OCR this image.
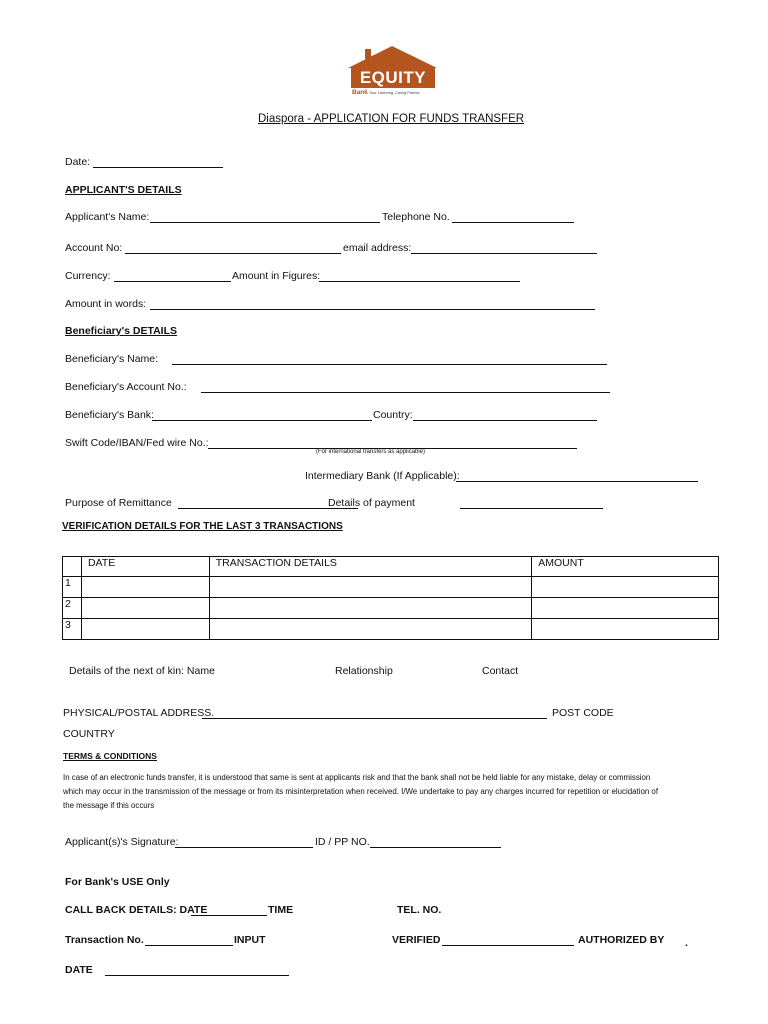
EQUITY
Bank Your Listening, Caring Partner
Diaspora - APPLICATION FOR FUNDS TRANSFER
Date:
APPLICANT'S DETAILS
Applicant's Name:	Telephone No.
Account No:	email address:
Currency:	Amount in Figures:
Amount in words:
Beneficiary's DETAILS
Beneficiary's Name:
Beneficiary's Account No.:
Beneficiary's Bank:	Country:
Swift Code/IBAN/Fed wire No.:
(For international transfers as applicable)
Intermediary Bank (If Applicable):
Purpose of Remittance	Details of payment
VERIFICATION DETAILS FOR THE LAST 3 TRANSACTIONS
	DATE	TRANSACTION DETAILS	AMOUNT
1			
2			
3			
Details of the next of kin: Name	Relationship	Contact
PHYSICAL/POSTAL ADDRESS.	POST CODE
COUNTRY
TERMS & CONDITIONS
In case of an electronic funds transfer, it is understood that same is sent at applicants risk and that the bank shall not be held liable for any mistake, delay or commission
which may occur in the transmission of the message or from its misinterpretation when received. I/We undertake to pay any charges incurred for repetition or elucidation of
the message if this occurs
Applicant(s)'s Signature:	ID / PP NO.
For Bank's USE Only
CALL BACK DETAILS: DATE	TIME	TEL. NO.
Transaction No.	INPUT	VERIFIED	AUTHORIZED BY .
DATE
